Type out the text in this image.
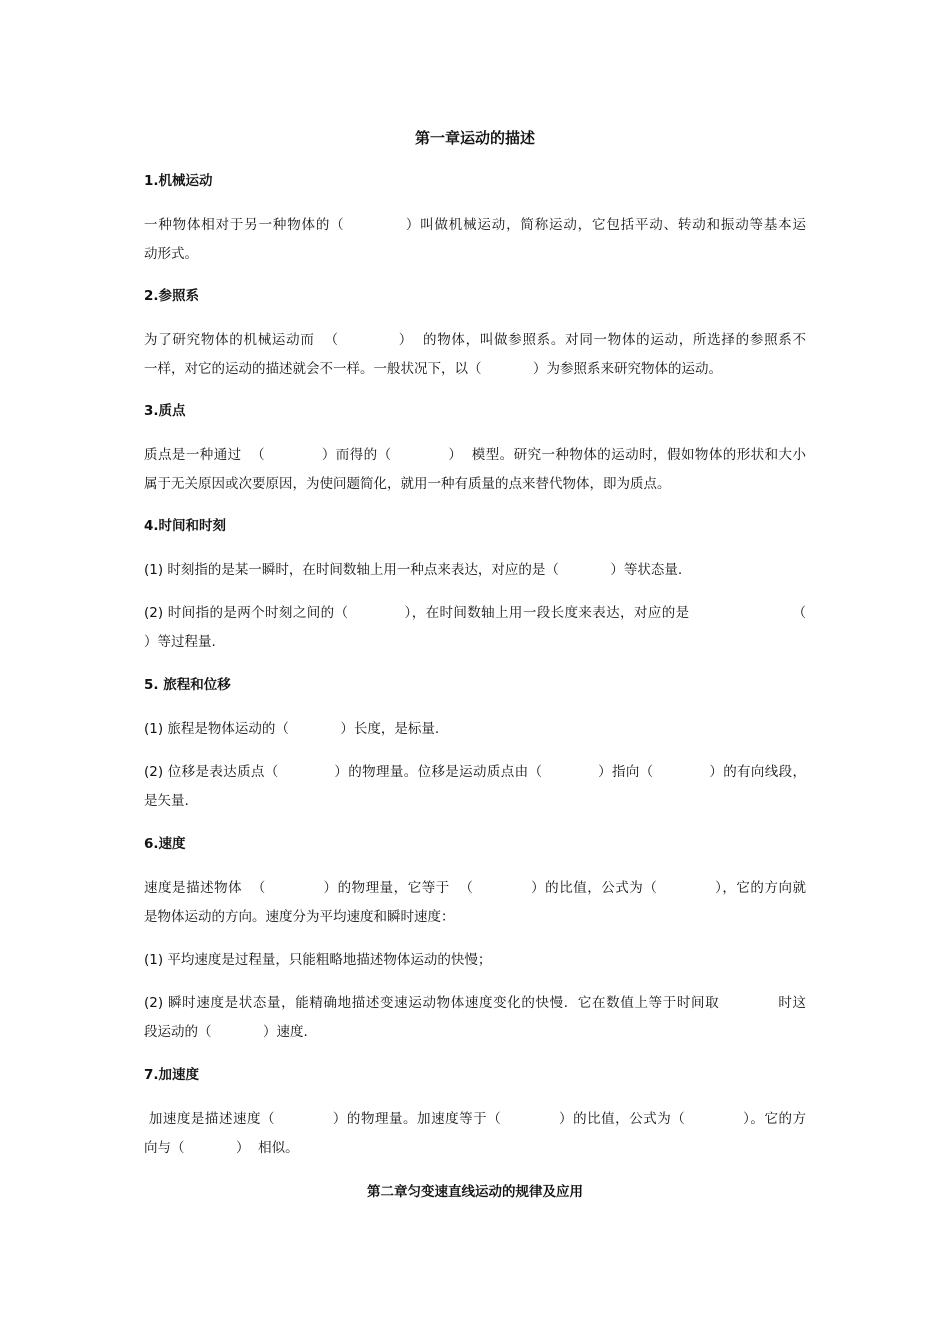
第一章运动的描述
1.机械运动
一种物体相对于另一种物体的（            ）叫做机械运动，简称运动，它包括平动、转动和振动等基本运
动形式。
2.参照系
为了研究物体的机械运动而  （            ）  的物体，叫做参照系。对同一物体的运动，所选择的参照系不
一样，对它的运动的描述就会不一样。一般状况下，以（            ）为参照系来研究物体的运动。
3.质点
质点是一种通过  （            ）而得的（            ）  模型。研究一种物体的运动时，假如物体的形状和大小
属于无关原因或次要原因，为使问题简化，就用一种有质量的点来替代物体，即为质点。
4.时间和时刻
(1) 时刻指的是某一瞬时，在时间数轴上用一种点来表达，对应的是（            ）等状态量.
(2) 时间指的是两个时刻之间的（            ），在时间数轴上用一段长度来表达，对应的是                      （
）等过程量.
5. 旅程和位移
(1) 旅程是物体运动的（            ）长度，是标量.
(2) 位移是表达质点（            ）的物理量。位移是运动质点由（            ）指向（            ）的有向线段，
是矢量.
6.速度
速度是描述物体  （            ）的物理量，它等于  （            ）的比值，公式为（            ），它的方向就
是物体运动的方向。速度分为平均速度和瞬时速度：
(1) 平均速度是过程量，只能粗略地描述物体运动的快慢；
(2) 瞬时速度是状态量，能精确地描述变速运动物体速度变化的快慢．它在数值上等于时间取            时这
段运动的（            ）速度.
7.加速度
加速度是描述速度（            ）的物理量。加速度等于（            ）的比值，公式为（            ）。它的方
向与（            ）  相似。
第二章匀变速直线运动的规律及应用
